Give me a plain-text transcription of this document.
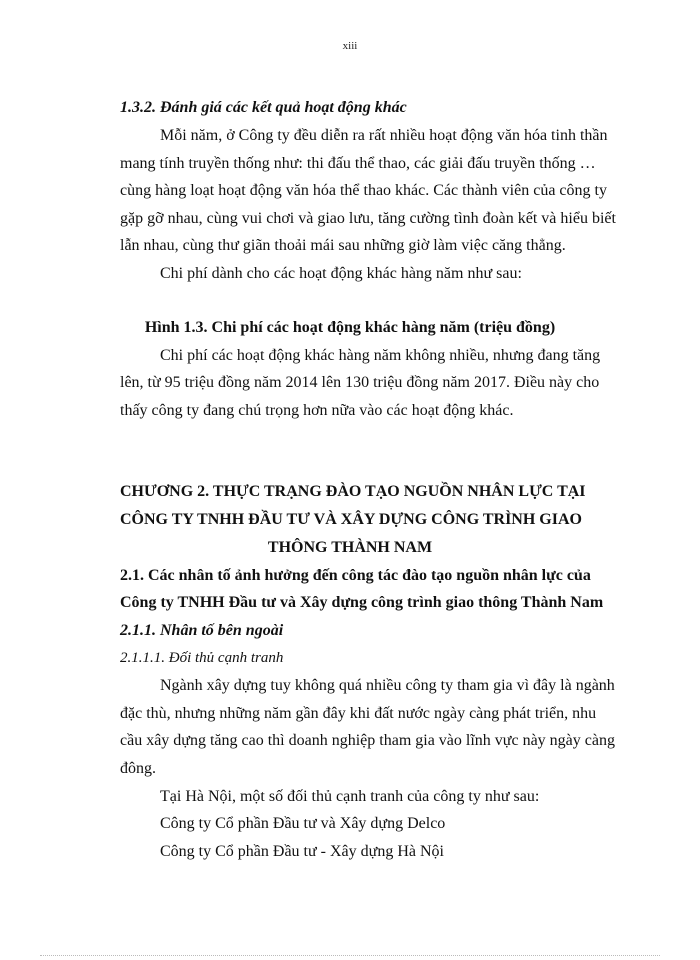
xiii
1.3.2. Đánh giá các kết quả hoạt động khác
Mỗi năm, ở Công ty đều diễn ra rất nhiều hoạt động văn hóa tinh thần
mang tính truyền thống như: thi đấu thể thao, các giải đấu truyền thống …
cùng hàng loạt hoạt động văn hóa thể thao khác. Các thành viên của công ty
gặp gỡ nhau, cùng vui chơi và giao lưu, tăng cường tình đoàn kết và hiểu biết
lẫn nhau, cùng thư giãn thoải mái sau những giờ làm việc căng thẳng.
Chi phí dành cho các hoạt động khác hàng năm như sau:
Hình 1.3. Chi phí các hoạt động khác hàng năm (triệu đồng)
Chi phí các hoạt động khác hàng năm không nhiều, nhưng đang tăng
lên, từ 95 triệu đồng năm 2014 lên 130 triệu đồng năm 2017. Điều này cho
thấy công ty đang chú trọng hơn nữa vào các hoạt động khác.
CHƯƠNG 2. THỰC TRẠNG ĐÀO TẠO NGUỒN NHÂN LỰC TẠI
CÔNG TY TNHH ĐẦU TƯ VÀ XÂY DỰNG CÔNG TRÌNH GIAO
THÔNG THÀNH NAM
2.1. Các nhân tố ảnh hưởng đến công tác đào tạo nguồn nhân lực của
Công ty TNHH Đầu tư và Xây dựng công trình giao thông Thành Nam
2.1.1. Nhân tố bên ngoài
2.1.1.1. Đối thủ cạnh tranh
Ngành xây dựng tuy không quá nhiều công ty tham gia vì đây là ngành
đặc thù, nhưng những năm gần đây khi đất nước ngày càng phát triển, nhu
cầu xây dựng tăng cao thì doanh nghiệp tham gia vào lĩnh vực này ngày càng
đông.
Tại Hà Nội, một số đối thủ cạnh tranh của công ty như sau:
Công ty Cổ phần Đầu tư và Xây dựng Delco
Công ty Cổ phần Đầu tư - Xây dựng Hà Nội
